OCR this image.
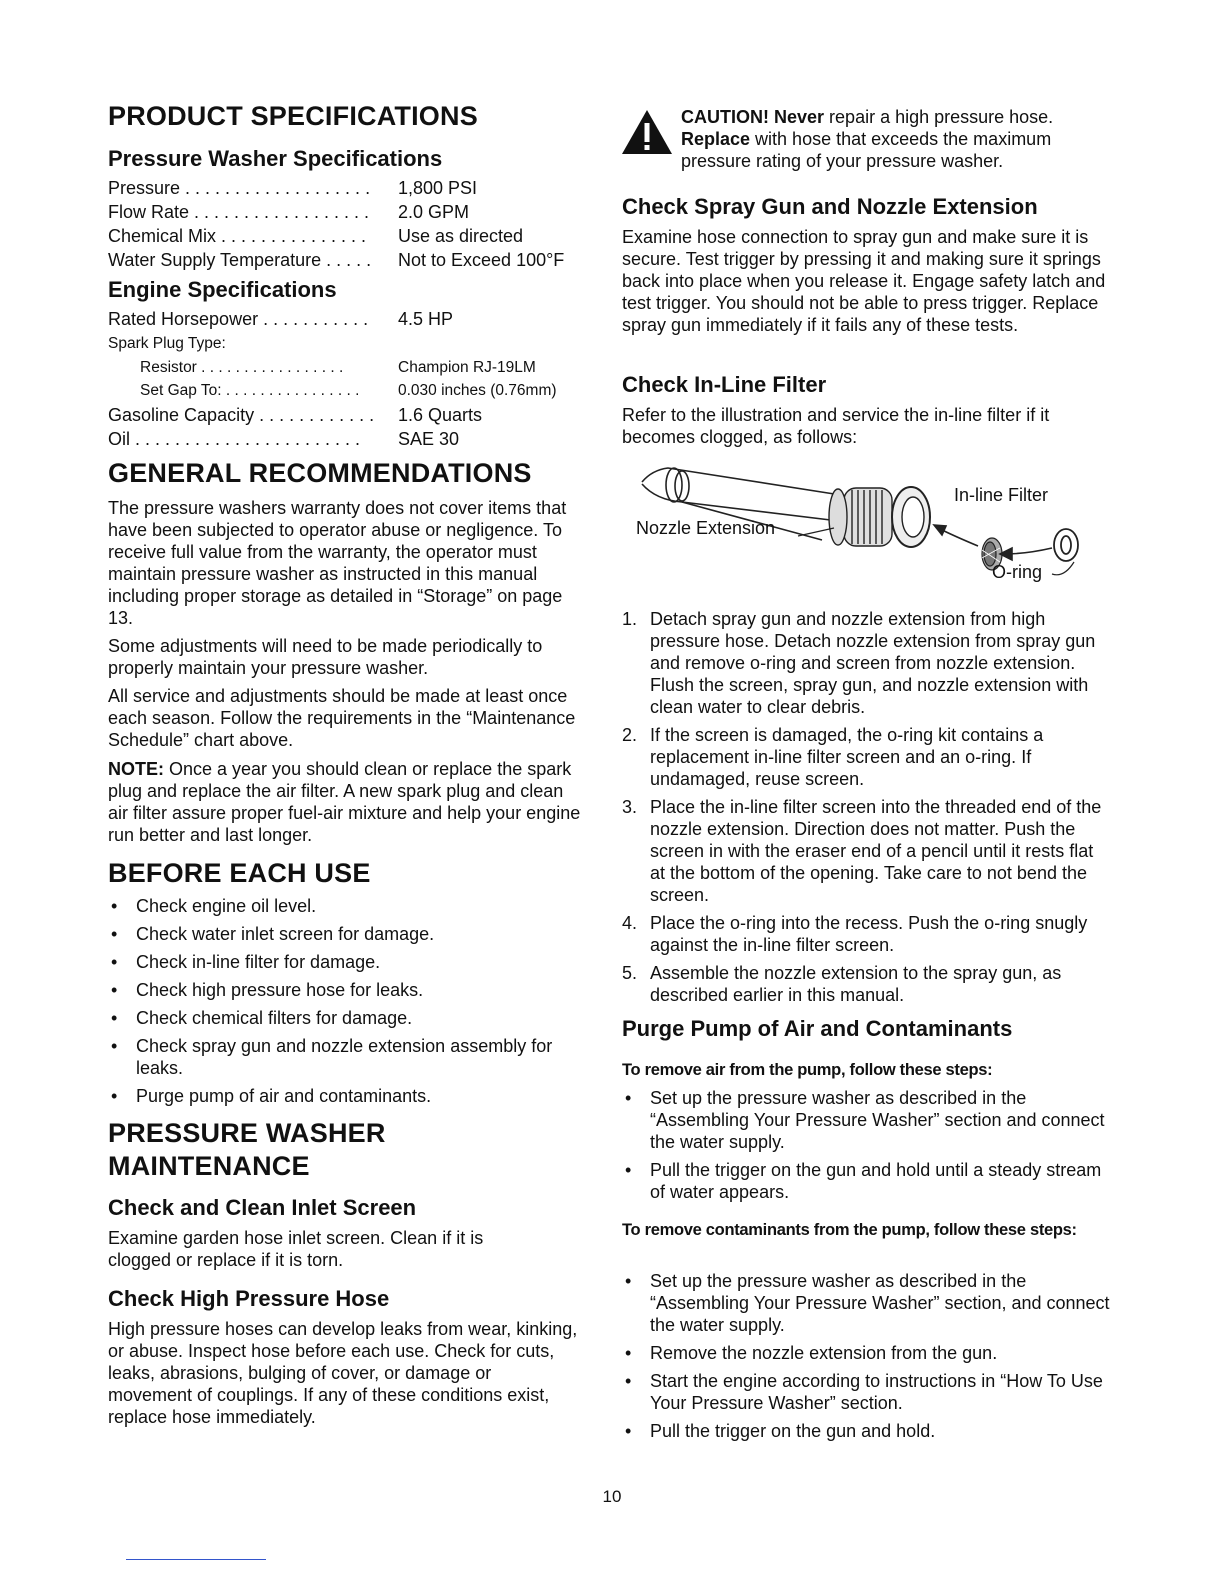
PRODUCT SPECIFICATIONS
Pressure Washer Specifications
Pressure . . . . . . . . . . . . . . . . . . . 1,800 PSI
Flow Rate . . . . . . . . . . . . . . . . . . 2.0 GPM
Chemical Mix . . . . . . . . . . . . . . . Use as directed
Water Supply Temperature . . . . . Not to Exceed 100°F
Engine Specifications
Rated Horsepower . . . . . . . . . . . 4.5 HP
Spark Plug Type:
Resistor . . . . . . . . . . . . . . . . .	Champion RJ-19LM
Set Gap To: . . . . . . . . . . . . . . . . 0.030 inches (0.76mm)
Gasoline Capacity . . . . . . . . . . . . 1.6 Quarts
Oil . . . . . . . . . . . . . . . . . . . . . . . SAE 30
GENERAL RECOMMENDATIONS

The pressure washers warranty does not cover items that have been subjected to operator abuse or negligence. To receive full value from the warranty, the operator must maintain pressure washer as instructed in this manual including proper storage as detailed in “Storage” on page 13.

Some adjustments will need to be made periodically to properly maintain your pressure washer.

All service and adjustments should be made at least once each season. Follow the requirements in the “Maintenance Schedule” chart above.

NOTE: Once a year you should clean or replace the spark plug and replace the air filter. A new spark plug and clean air filter assure proper fuel-air mixture and help your engine run better and last longer.

BEFORE EACH USE
• Check engine oil level.
• Check water inlet screen for damage.
• Check in-line filter for damage.
• Check high pressure hose for leaks.
• Check chemical filters for damage.
• Check spray gun and nozzle extension assembly for leaks.
• Purge pump of air and contaminants.
PRESSURE WASHER
MAINTENANCE
Check and Clean Inlet Screen

Examine garden hose inlet screen. Clean if it is clogged or replace if it is torn.

Check High Pressure Hose

High pressure hoses can develop leaks from wear, kinking, or abuse. Inspect hose before each use. Check for cuts, leaks, abrasions, bulging of cover, or damage or movement of couplings. If any of these conditions exist, replace hose immediately.

CAUTION! Never repair a high pressure hose.
Replace with hose that exceeds the maximum pressure rating of your pressure washer.

Check Spray Gun and Nozzle Extension

Examine hose connection to spray gun and make sure it is secure. Test trigger by pressing it and making sure it springs back into place when you release it. Engage safety latch and test trigger. You should not be able to press trigger. Replace spray gun immediately if it fails any of these tests.

Check In-Line Filter

Refer to the illustration and service the in-line filter if it becomes clogged, as follows:

In-line Filter
Nozzle Extension
O-ring
1. Detach spray gun and nozzle extension from high pressure hose. Detach nozzle extension from spray gun and remove o-ring and screen from nozzle extension. Flush the screen, spray gun, and nozzle extension with clean water to clear debris.
2. If the screen is damaged, the o-ring kit contains a replacement in-line filter screen and an o-ring. If undamaged, reuse screen.
3. Place the in-line filter screen into the threaded end of the nozzle extension. Direction does not matter. Push the screen in with the eraser end of a pencil until it rests flat at the bottom of the opening. Take care to not bend the screen.
4. Place the o-ring into the recess. Push the o-ring snugly against the in-line filter screen.
5. Assemble the nozzle extension to the spray gun, as described earlier in this manual.
Purge Pump of Air and Contaminants
To remove air from the pump, follow these steps:
• Set up the pressure washer as described in the “Assembling Your Pressure Washer” section and connect the water supply.
• Pull the trigger on the gun and hold until a steady stream of water appears.
To remove contaminants from the pump, follow these steps:
• Set up the pressure washer as described in the “Assembling Your Pressure Washer” section, and connect the water supply.
• Remove the nozzle extension from the gun.
• Start the engine according to instructions in “How To Use Your Pressure Washer” section.
• Pull the trigger on the gun and hold.
10
